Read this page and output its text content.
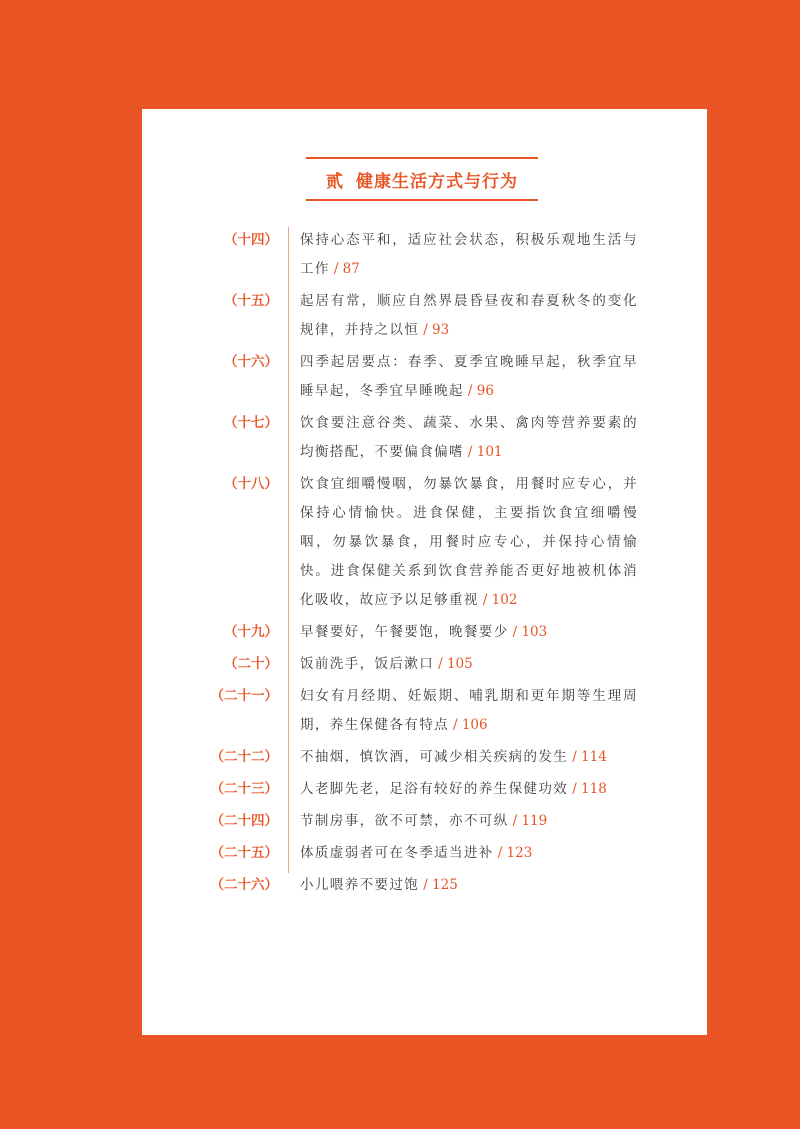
贰 健康生活方式与行为
（十四） 保持心态平和，适应社会状态，积极乐观地生活与工作 / 87
（十五） 起居有常，顺应自然界晨昏昼夜和春夏秋冬的变化规律，并持之以恒 / 93
（十六） 四季起居要点：春季、夏季宜晚睡早起，秋季宜早睡早起，冬季宜早睡晚起 / 96
（十七） 饮食要注意谷类、蔬菜、水果、禽肉等营养要素的均衡搭配，不要偏食偏嗜 / 101
（十八） 饮食宜细嚼慢咽，勿暴饮暴食，用餐时应专心，并保持心情愉快。进食保健，主要指饮食宜细嚼慢咽，勿暴饮暴食，用餐时应专心，并保持心情愉快。进食保健关系到饮食营养能否更好地被机体消化吸收，故应予以足够重视 / 102
（十九） 早餐要好，午餐要饱，晚餐要少 / 103
（二十） 饭前洗手，饭后漱口 / 105
（二十一） 妇女有月经期、妊娠期、哺乳期和更年期等生理周期，养生保健各有特点 / 106
（二十二） 不抽烟，慎饮酒，可减少相关疾病的发生 / 114
（二十三） 人老脚先老，足浴有较好的养生保健功效 / 118
（二十四） 节制房事，欲不可禁，亦不可纵 / 119
（二十五） 体质虚弱者可在冬季适当进补 / 123
（二十六） 小儿喂养不要过饱 / 125
